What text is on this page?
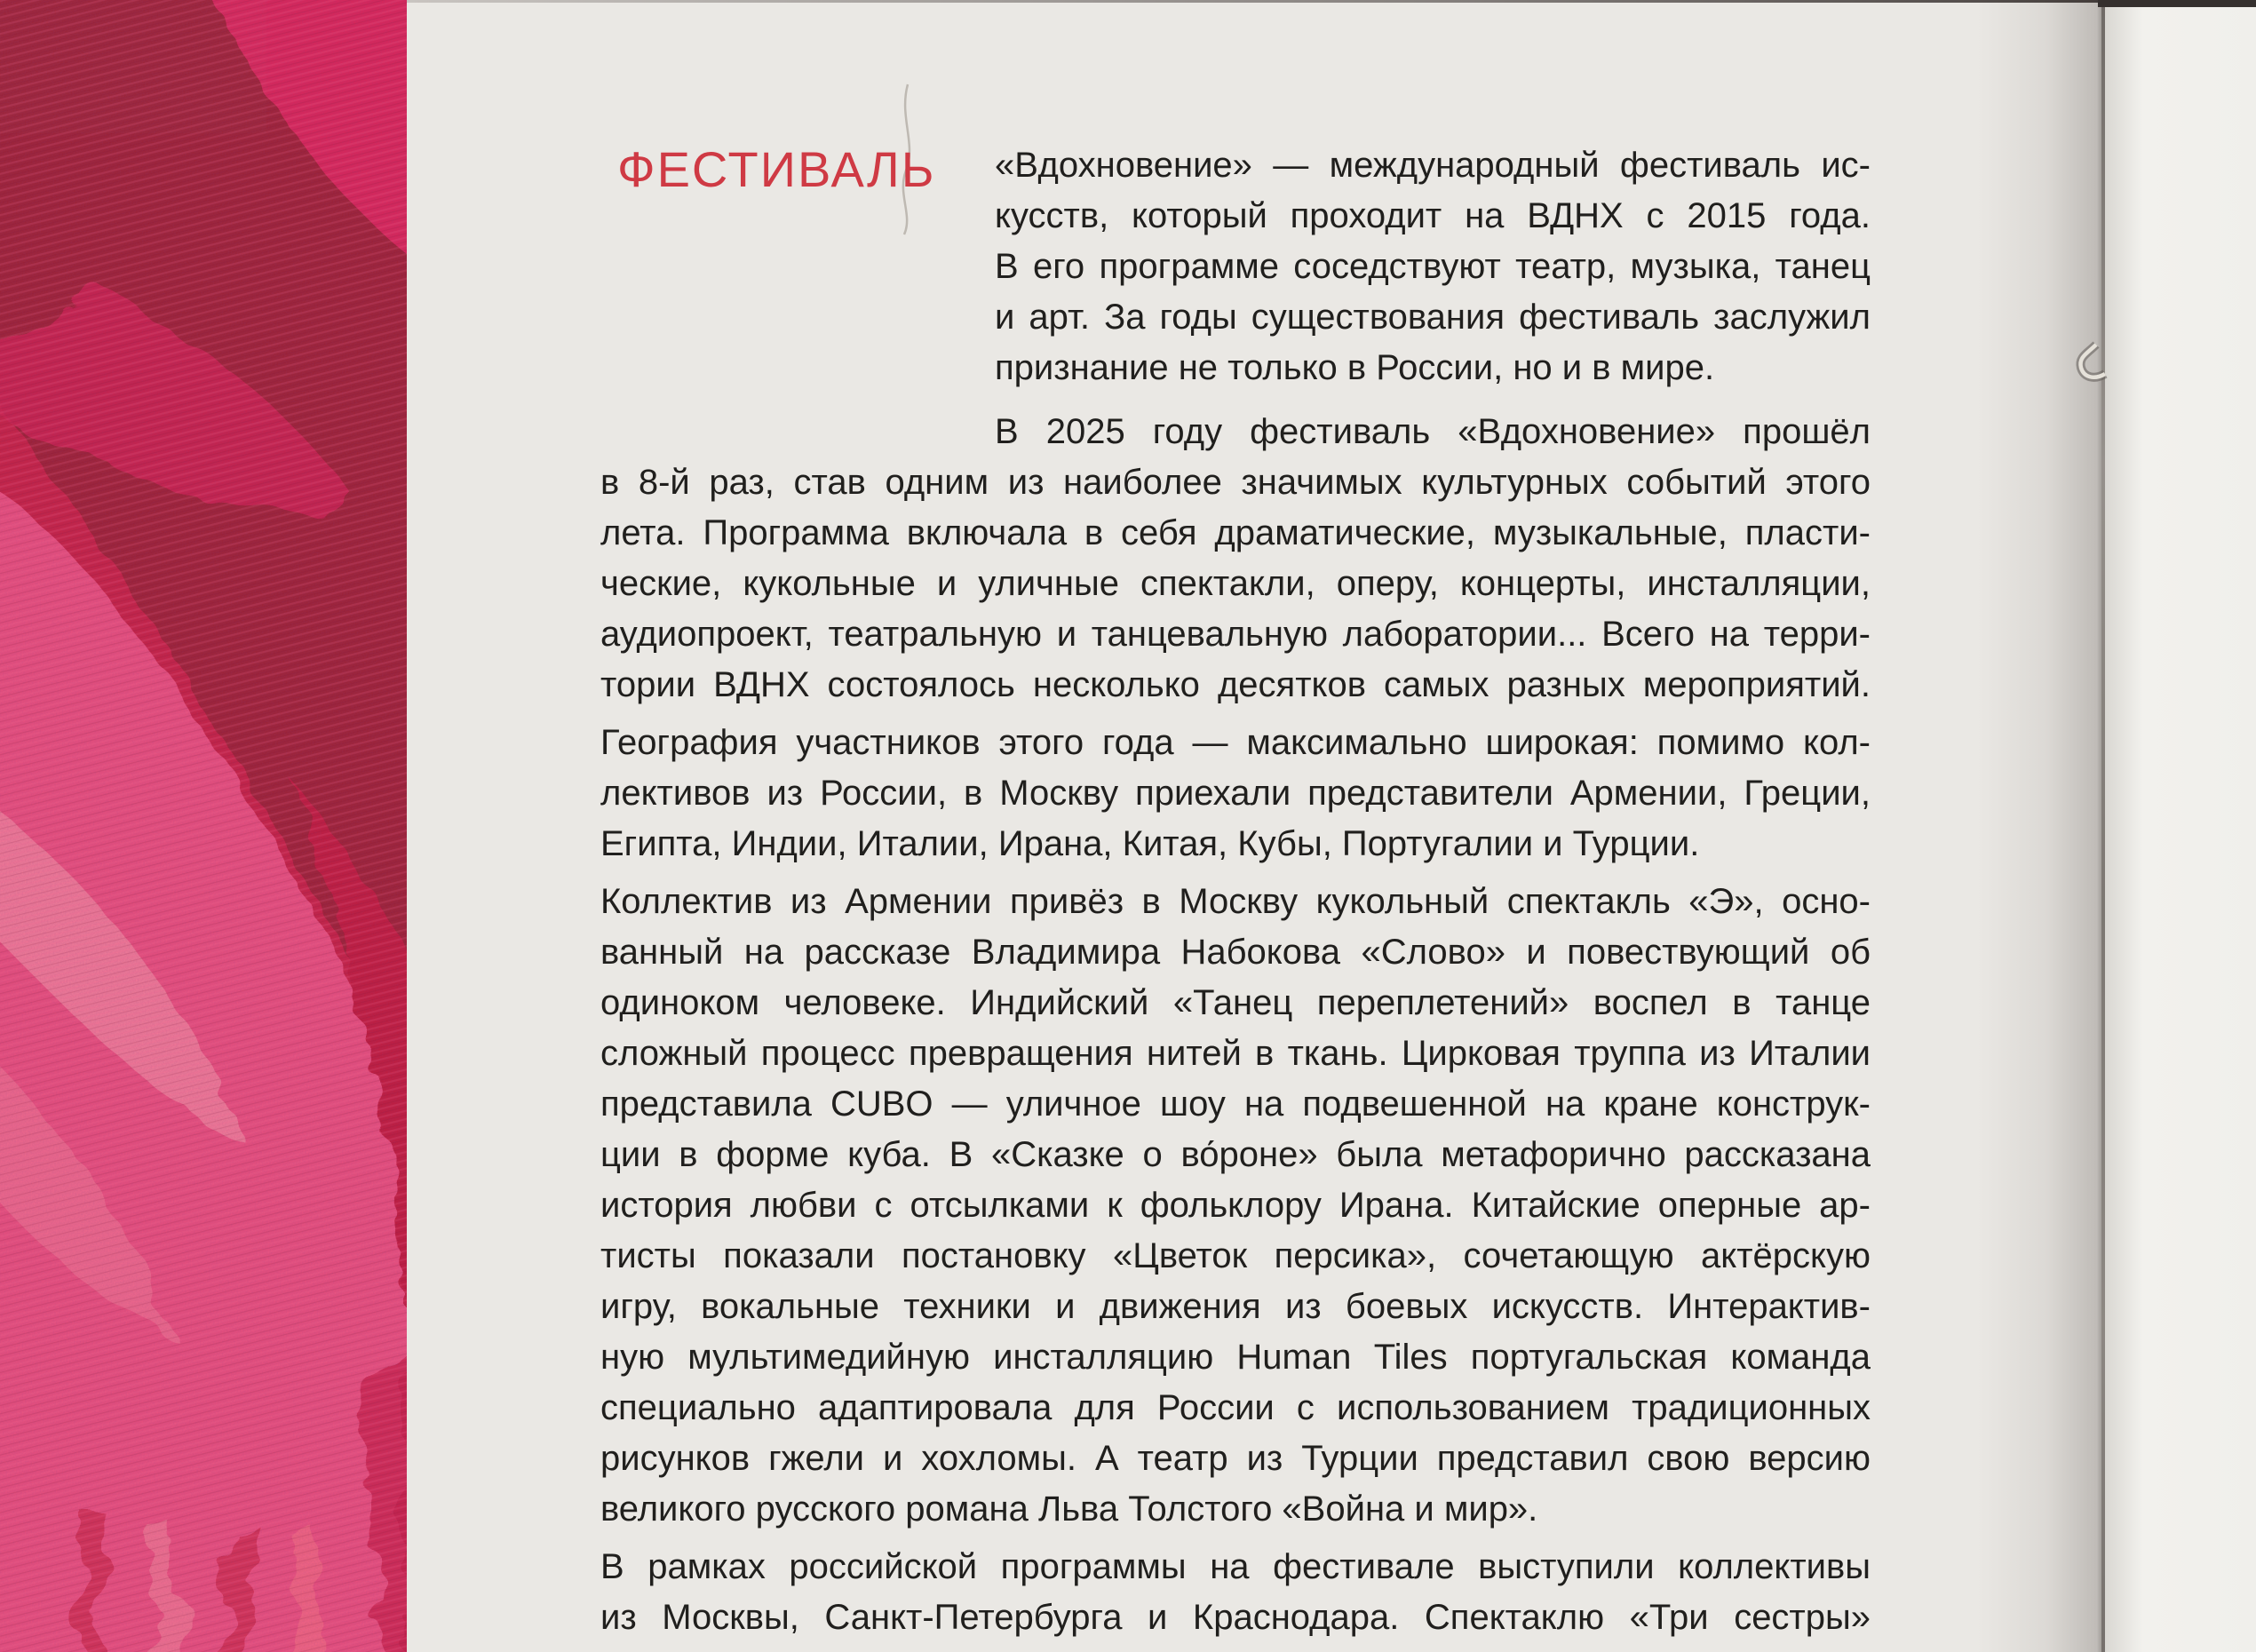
ФЕСТИВАЛЬ «Вдохновение» — международный фестиваль ис-
кусств, который проходит на ВДНХ с 2015 года.
В его программе соседствуют театр, музыка, танец
и арт. За годы существования фестиваль заслужил
признание не только в России, но и в мире.
В 2025 году фестиваль «Вдохновение» прошёл
в 8-й раз, став одним из наиболее значимых культурных событий этого
лета. Программа включала в себя драматические, музыкальные, пласти-
ческие, кукольные и уличные спектакли, оперу, концерты, инсталляции,
аудиопроект, театральную и танцевальную лаборатории... Всего на терри-
тории ВДНХ состоялось несколько десятков самых разных мероприятий.
География участников этого года — максимально широкая: помимо кол-
лективов из России, в Москву приехали представители Армении, Греции,
Египта, Индии, Италии, Ирана, Китая, Кубы, Португалии и Турции.
Коллектив из Армении привёз в Москву кукольный спектакль «Э», осно-
ванный на рассказе Владимира Набокова «Слово» и повествующий об
одиноком человеке. Индийский «Танец переплетений» воспел в танце
сложный процесс превращения нитей в ткань. Цирковая труппа из Италии
представила CUBO — уличное шоу на подвешенной на кране конструк-
ции в форме куба. В «Сказке о во́роне» была метафорично рассказана
история любви с отсылками к фольклору Ирана. Китайские оперные ар-
тисты показали постановку «Цветок персика», сочетающую актёрскую
игру, вокальные техники и движения из боевых искусств. Интерактив-
ную мультимедийную инсталляцию Human Tiles португальская команда
специально адаптировала для России с использованием традиционных
рисунков гжели и хохломы. А театр из Турции представил свою версию
великого русского романа Льва Толстого «Война и мир».
В рамках российской программы на фестивале выступили коллективы
из Москвы, Санкт-Петербурга и Краснодара. Спектаклю «Три сестры»
